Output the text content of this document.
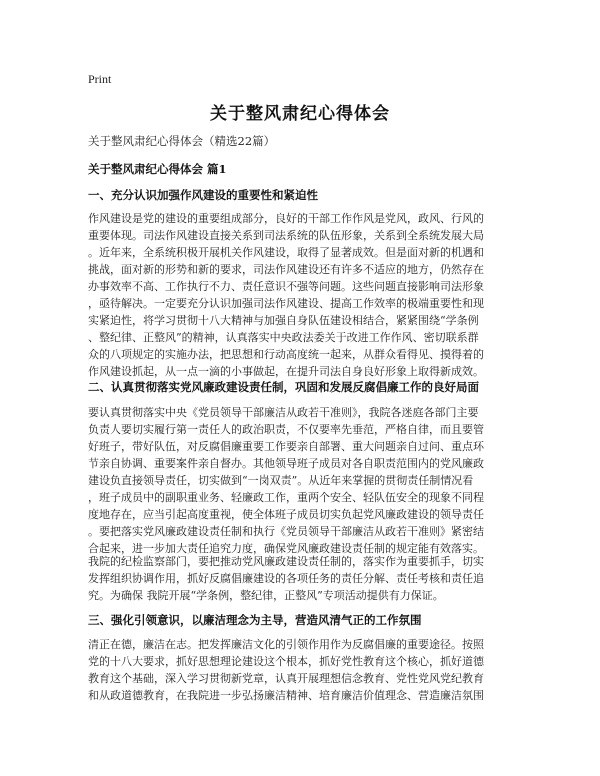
Print
关于整风肃纪心得体会
关于整风肃纪心得体会（精选22篇）
关于整风肃纪心得体会 篇1
一、充分认识加强作风建设的重要性和紧迫性
作风建设是党的建设的重要组成部分，良好的干部工作作风是党风，政风、行风的
重要体现。司法作风建设直接关系到司法系统的队伍形象，关系到全系统发展大局
。近年来，全系统积极开展机关作风建设，取得了显著成效。但是面对新的机遇和
挑战，面对新的形势和新的要求，司法作风建设还有许多不适应的地方，仍然存在
办事效率不高、工作执行不力、责任意识不强等问题。这些问题直接影响司法形象
，亟待解决。一定要充分认识加强司法作风建设、提高工作效率的极端重要性和现
实紧迫性，将学习贯彻十八大精神与加强自身队伍建设相结合，紧紧围绕“学条例
、整纪律、正整风”的精神，认真落实中央政法委关于改进工作作风、密切联系群
众的八项规定的实施办法，把思想和行动高度统一起来，从群众看得见、摸得着的
作风建设抓起，从一点一滴的小事做起，在提升司法自身良好形象上取得新成效。
二、认真贯彻落实党风廉政建设责任制，巩固和发展反腐倡廉工作的良好局面
要认真贯彻落实中央《党员领导干部廉洁从政若干准则》，我院各迷庭各部门主要
负责人要切实履行第一责任人的政治职责，不仅要率先垂范，严格自律，而且要管
好班子，带好队伍，对反腐倡廉重要工作要亲自部署、重大问题亲自过问、重点环
节亲自协调、重要案件亲自督办。其他领导班子成员对各自职责范围内的党风廉政
建设负直接领导责任，切实做到“一岗双责”。从近年来掌握的贯彻责任制情况看
，班子成员中的副职重业务、轻廉政工作，重两个安全、轻队伍安全的现象不同程
度地存在，应当引起高度重视，使全体班子成员切实负起党风廉政建设的领导责任
。要把落实党风廉政建设责任制和执行《党员领导干部廉洁从政若干准则》紧密结
合起来，进一步加大责任追究力度，确保党风廉政建设责任制的规定能有效落实。
我院的纪检监察部门，要把推动党风廉政建设责任制的，落实作为重要抓手，切实
发挥组织协调作用，抓好反腐倡廉建设的各项任务的责任分解、责任考核和责任追
究。为确保 我院开展“学条例，整纪律，正整风”专项活动提供有力保证。
三、强化引领意识，以廉洁理念为主导，营造风清气正的工作氛围
清正在德，廉洁在志。把发挥廉洁文化的引领作用作为反腐倡廉的重要途径。按照
党的十八大要求，抓好思想理论建设这个根本，抓好党性教育这个核心，抓好道德
教育这个基础，深入学习贯彻新党章，认真开展理想信念教育、党性党风党纪教育
和从政道德教育，在我院进一步弘扬廉洁精神、培育廉洁价值理念、营造廉洁氛围
